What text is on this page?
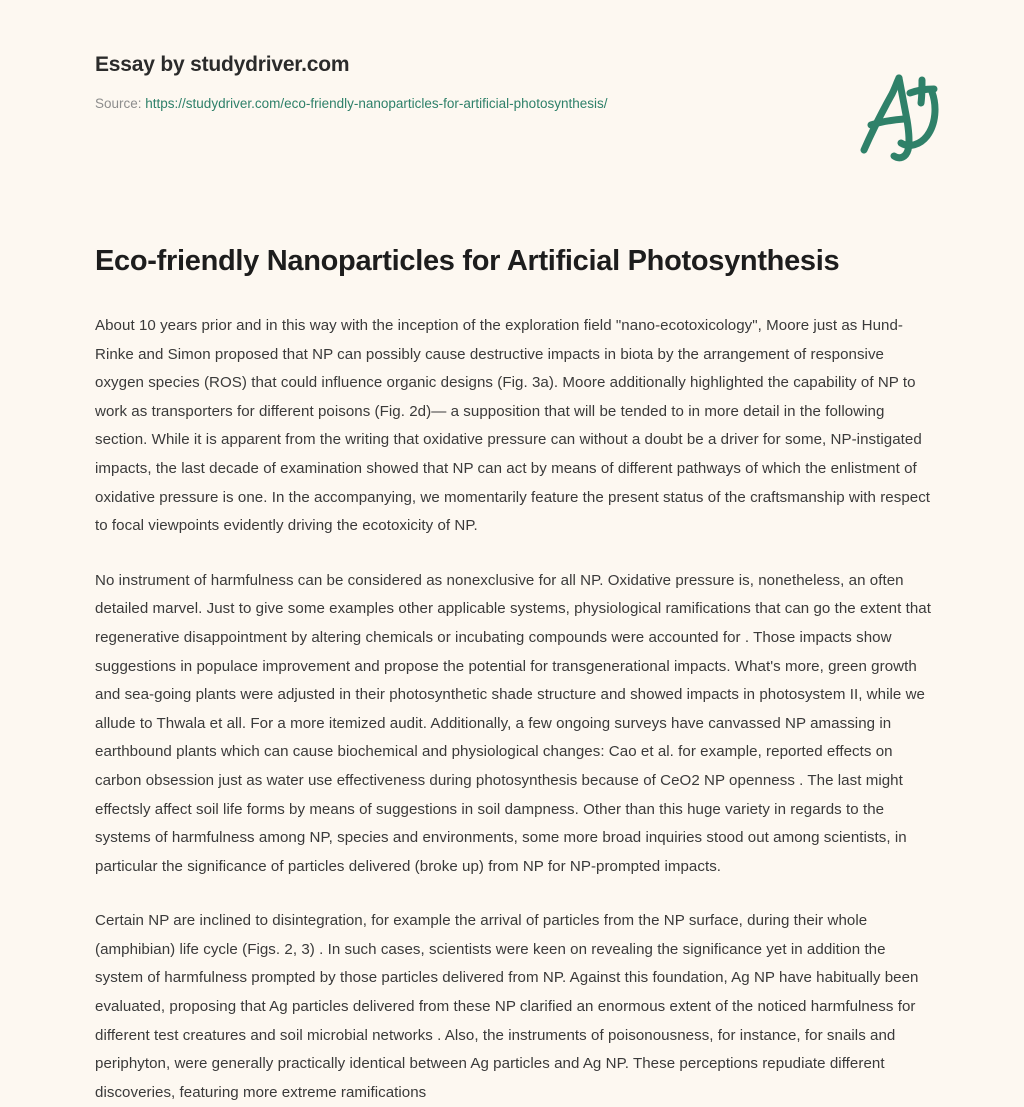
Essay by studydriver.com
Source: https://studydriver.com/eco-friendly-nanoparticles-for-artificial-photosynthesis/
Eco-friendly Nanoparticles for Artificial Photosynthesis

About 10 years prior and in this way with the inception of the exploration field "nano-ecotoxicology", Moore just as Hund-Rinke and Simon proposed that NP can possibly cause destructive impacts in biota by the arrangement of responsive oxygen species (ROS) that could influence organic designs (Fig. 3a). Moore additionally highlighted the capability of NP to work as transporters for different poisons (Fig. 2d)— a supposition that will be tended to in more detail in the following section. While it is apparent from the writing that oxidative pressure can without a doubt be a driver for some, NP-instigated impacts, the last decade of examination showed that NP can act by means of different pathways of which the enlistment of oxidative pressure is one. In the accompanying, we momentarily feature the present status of the craftsmanship with respect to focal viewpoints evidently driving the ecotoxicity of NP.

No instrument of harmfulness can be considered as nonexclusive for all NP. Oxidative pressure is, nonetheless, an often detailed marvel. Just to give some examples other applicable systems, physiological ramifications that can go the extent that regenerative disappointment by altering chemicals or incubating compounds were accounted for . Those impacts show suggestions in populace improvement and propose the potential for transgenerational impacts. What's more, green growth and sea-going plants were adjusted in their photosynthetic shade structure and showed impacts in photosystem II, while we allude to Thwala et all. For a more itemized audit. Additionally, a few ongoing surveys have canvassed NP amassing in earthbound plants which can cause biochemical and physiological changes: Cao et al. for example, reported effects on carbon obsession just as water use effectiveness during photosynthesis because of CeO2 NP openness . The last might effectsly affect soil life forms by means of suggestions in soil dampness. Other than this huge variety in regards to the systems of harmfulness among NP, species and environments, some more broad inquiries stood out among scientists, in particular the significance of particles delivered (broke up) from NP for NP-prompted impacts.

Certain NP are inclined to disintegration, for example the arrival of particles from the NP surface, during their whole (amphibian) life cycle (Figs. 2, 3) . In such cases, scientists were keen on revealing the significance yet in addition the system of harmfulness prompted by those particles delivered from NP. Against this foundation, Ag NP have habitually been evaluated, proposing that Ag particles delivered from these NP clarified an enormous extent of the noticed harmfulness for different test creatures and soil microbial networks . Also, the instruments of poisonousness, for instance, for snails and periphyton, were generally practically identical between Ag particles and Ag NP. These perceptions repudiate different discoveries, featuring more extreme ramifications
